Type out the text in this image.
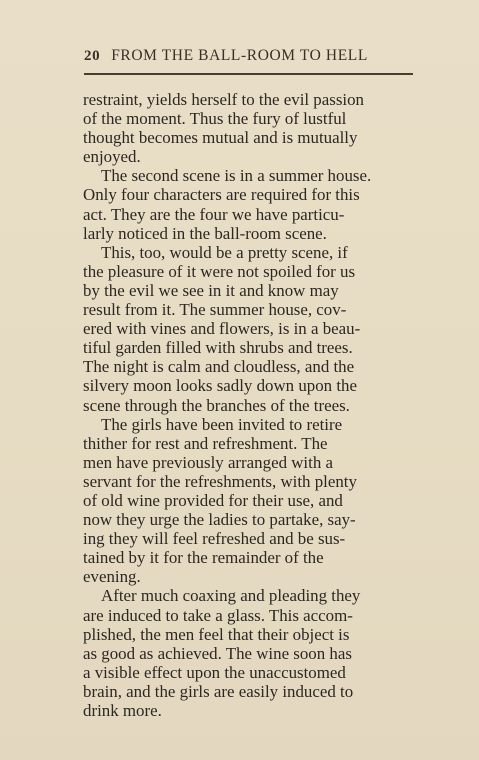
20 FROM THE BALL-ROOM TO HELL
restraint, yields herself to the evil passion
of the moment. Thus the fury of lustful
thought becomes mutual and is mutually
enjoyed.
The second scene is in a summer house.
Only four characters are required for this
act. They are the four we have particu-
larly noticed in the ball-room scene.
This, too, would be a pretty scene, if
the pleasure of it were not spoiled for us
by the evil we see in it and know may
result from it. The summer house, cov-
ered with vines and flowers, is in a beau-
tiful garden filled with shrubs and trees.
The night is calm and cloudless, and the
silvery moon looks sadly down upon the
scene through the branches of the trees.
The girls have been invited to retire
thither for rest and refreshment. The
men have previously arranged with a
servant for the refreshments, with plenty
of old wine provided for their use, and
now they urge the ladies to partake, say-
ing they will feel refreshed and be sus-
tained by it for the remainder of the
evening.
After much coaxing and pleading they
are induced to take a glass. This accom-
plished, the men feel that their object is
as good as achieved. The wine soon has
a visible effect upon the unaccustomed
brain, and the girls are easily induced to
drink more.
